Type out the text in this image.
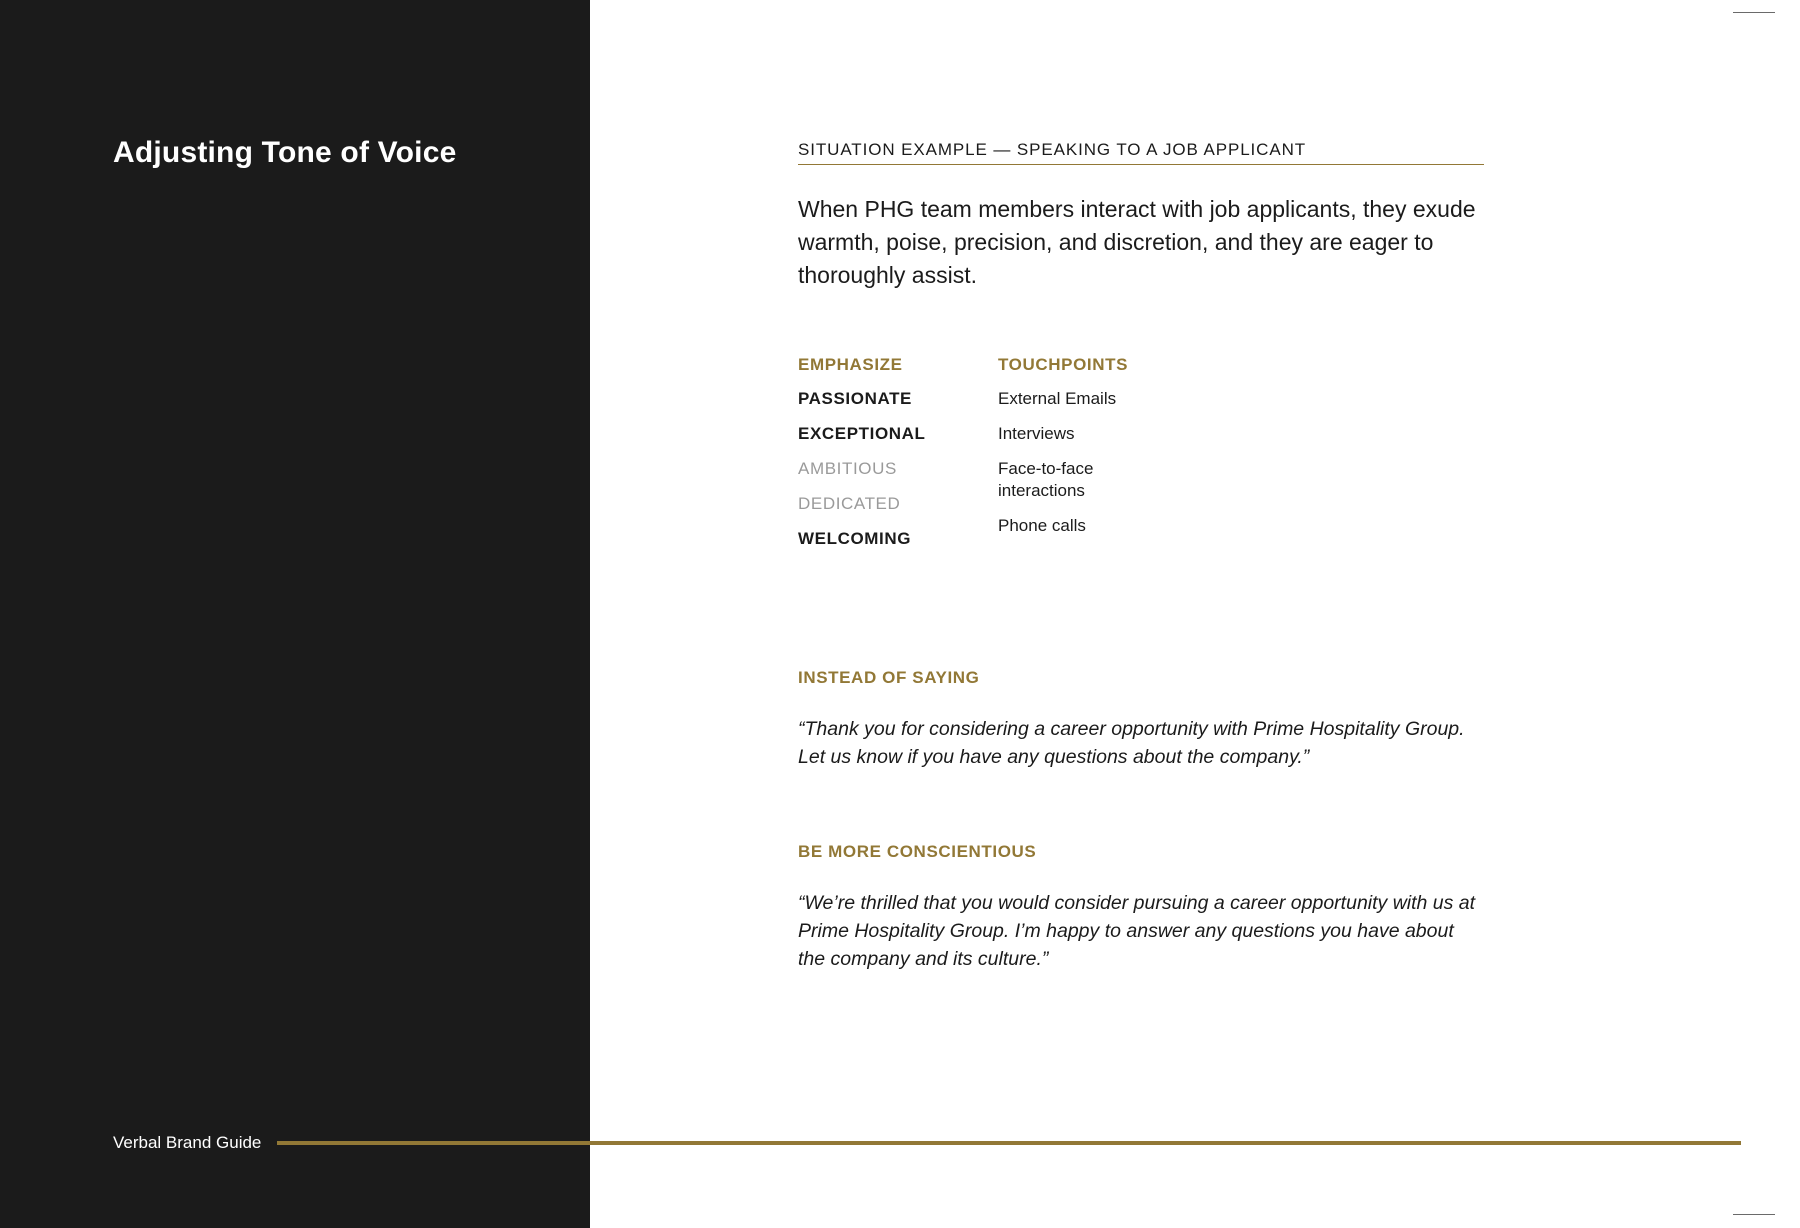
Adjusting Tone of Voice
Verbal Brand Guide
SITUATION EXAMPLE — SPEAKING TO A JOB APPLICANT

When PHG team members interact with job applicants, they exude warmth, poise, precision, and discretion, and they are eager to thoroughly assist.

EMPHASIZE
PASSIONATE
EXCEPTIONAL
AMBITIOUS
DEDICATED
WELCOMING
TOUCHPOINTS
External Emails
Interviews
Face-to-face interactions
Phone calls
INSTEAD OF SAYING

“Thank you for considering a career opportunity with Prime Hospitality Group. Let us know if you have any questions about the company.”

BE MORE CONSCIENTIOUS

“We’re thrilled that you would consider pursuing a career opportunity with us at Prime Hospitality Group. I’m happy to answer any questions you have about the company and its culture.”
